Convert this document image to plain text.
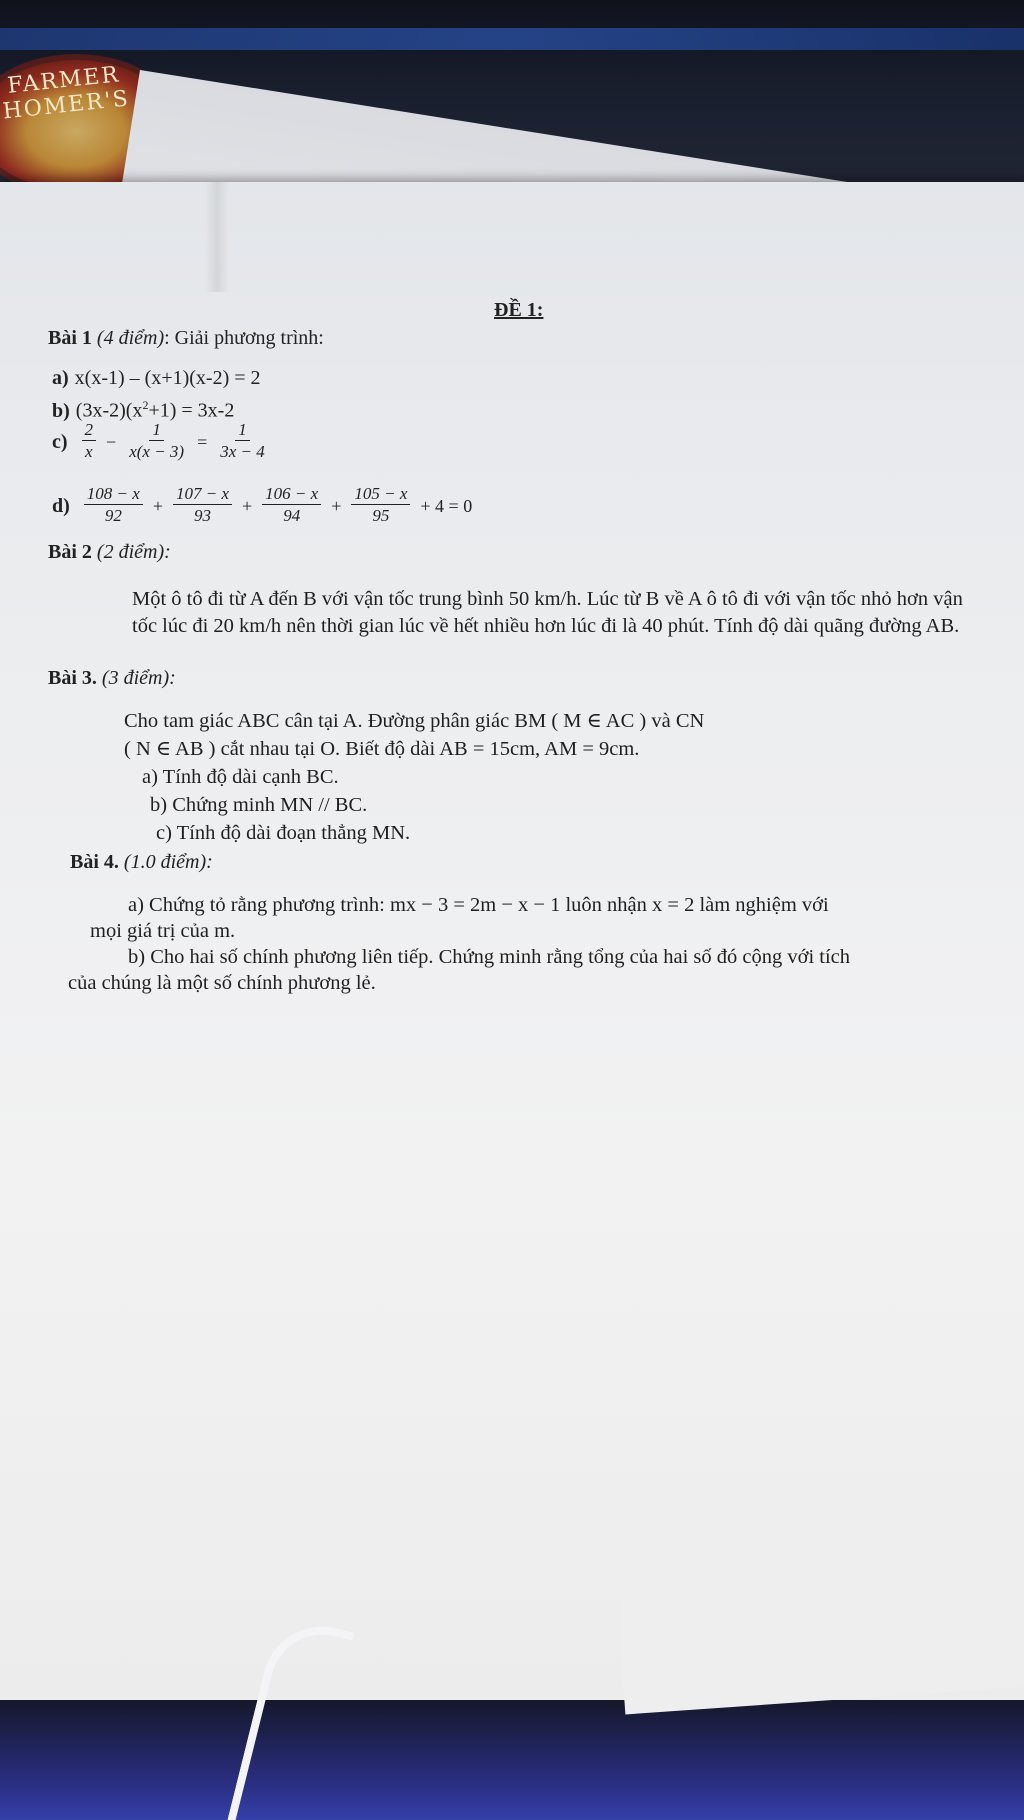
FARMER HOMER'S
ĐỀ 1:
Bài 1 (4 điểm): Giải phương trình:
a) x(x-1) – (x+1)(x-2) = 2
b) $(3x-2)(x^2+1) = 3x-2$
$c) \frac{2}{x} - \frac{1}{x(x - 3)} = \frac{1}{3x - 4}$
$d) \frac{108 - x}{92} + \frac{107 - x}{93} + \frac{106 - x}{94} + \frac{105 - x}{95} + 4 = 0$
Bài 2 (2 điểm):
Một ô tô đi từ A đến B với vận tốc trung bình 50 km/h. Lúc từ B về A ô tô đi với vận tốc nhỏ hơn vận tốc lúc đi 20 km/h nên thời gian lúc về hết nhiều hơn lúc đi là 40 phút. Tính độ dài quãng đường AB.
Bài 3. (3 điểm):
Cho tam giác ABC cân tại A. Đường phân giác BM ( M ∈ AC ) và CN
( N ∈ AB ) cắt nhau tại O. Biết độ dài AB = 15cm, AM = 9cm.
a) Tính độ dài cạnh BC.
b) Chứng minh MN // BC.
c) Tính độ dài đoạn thẳng MN.
Bài 4. (1.0 điểm):
a) Chứng tỏ rằng phương trình: mx − 3 = 2m − x − 1 luôn nhận x = 2 làm nghiệm với
mọi giá trị của m.
b) Cho hai số chính phương liên tiếp. Chứng minh rằng tổng của hai số đó cộng với tích
của chúng là một số chính phương lẻ.
